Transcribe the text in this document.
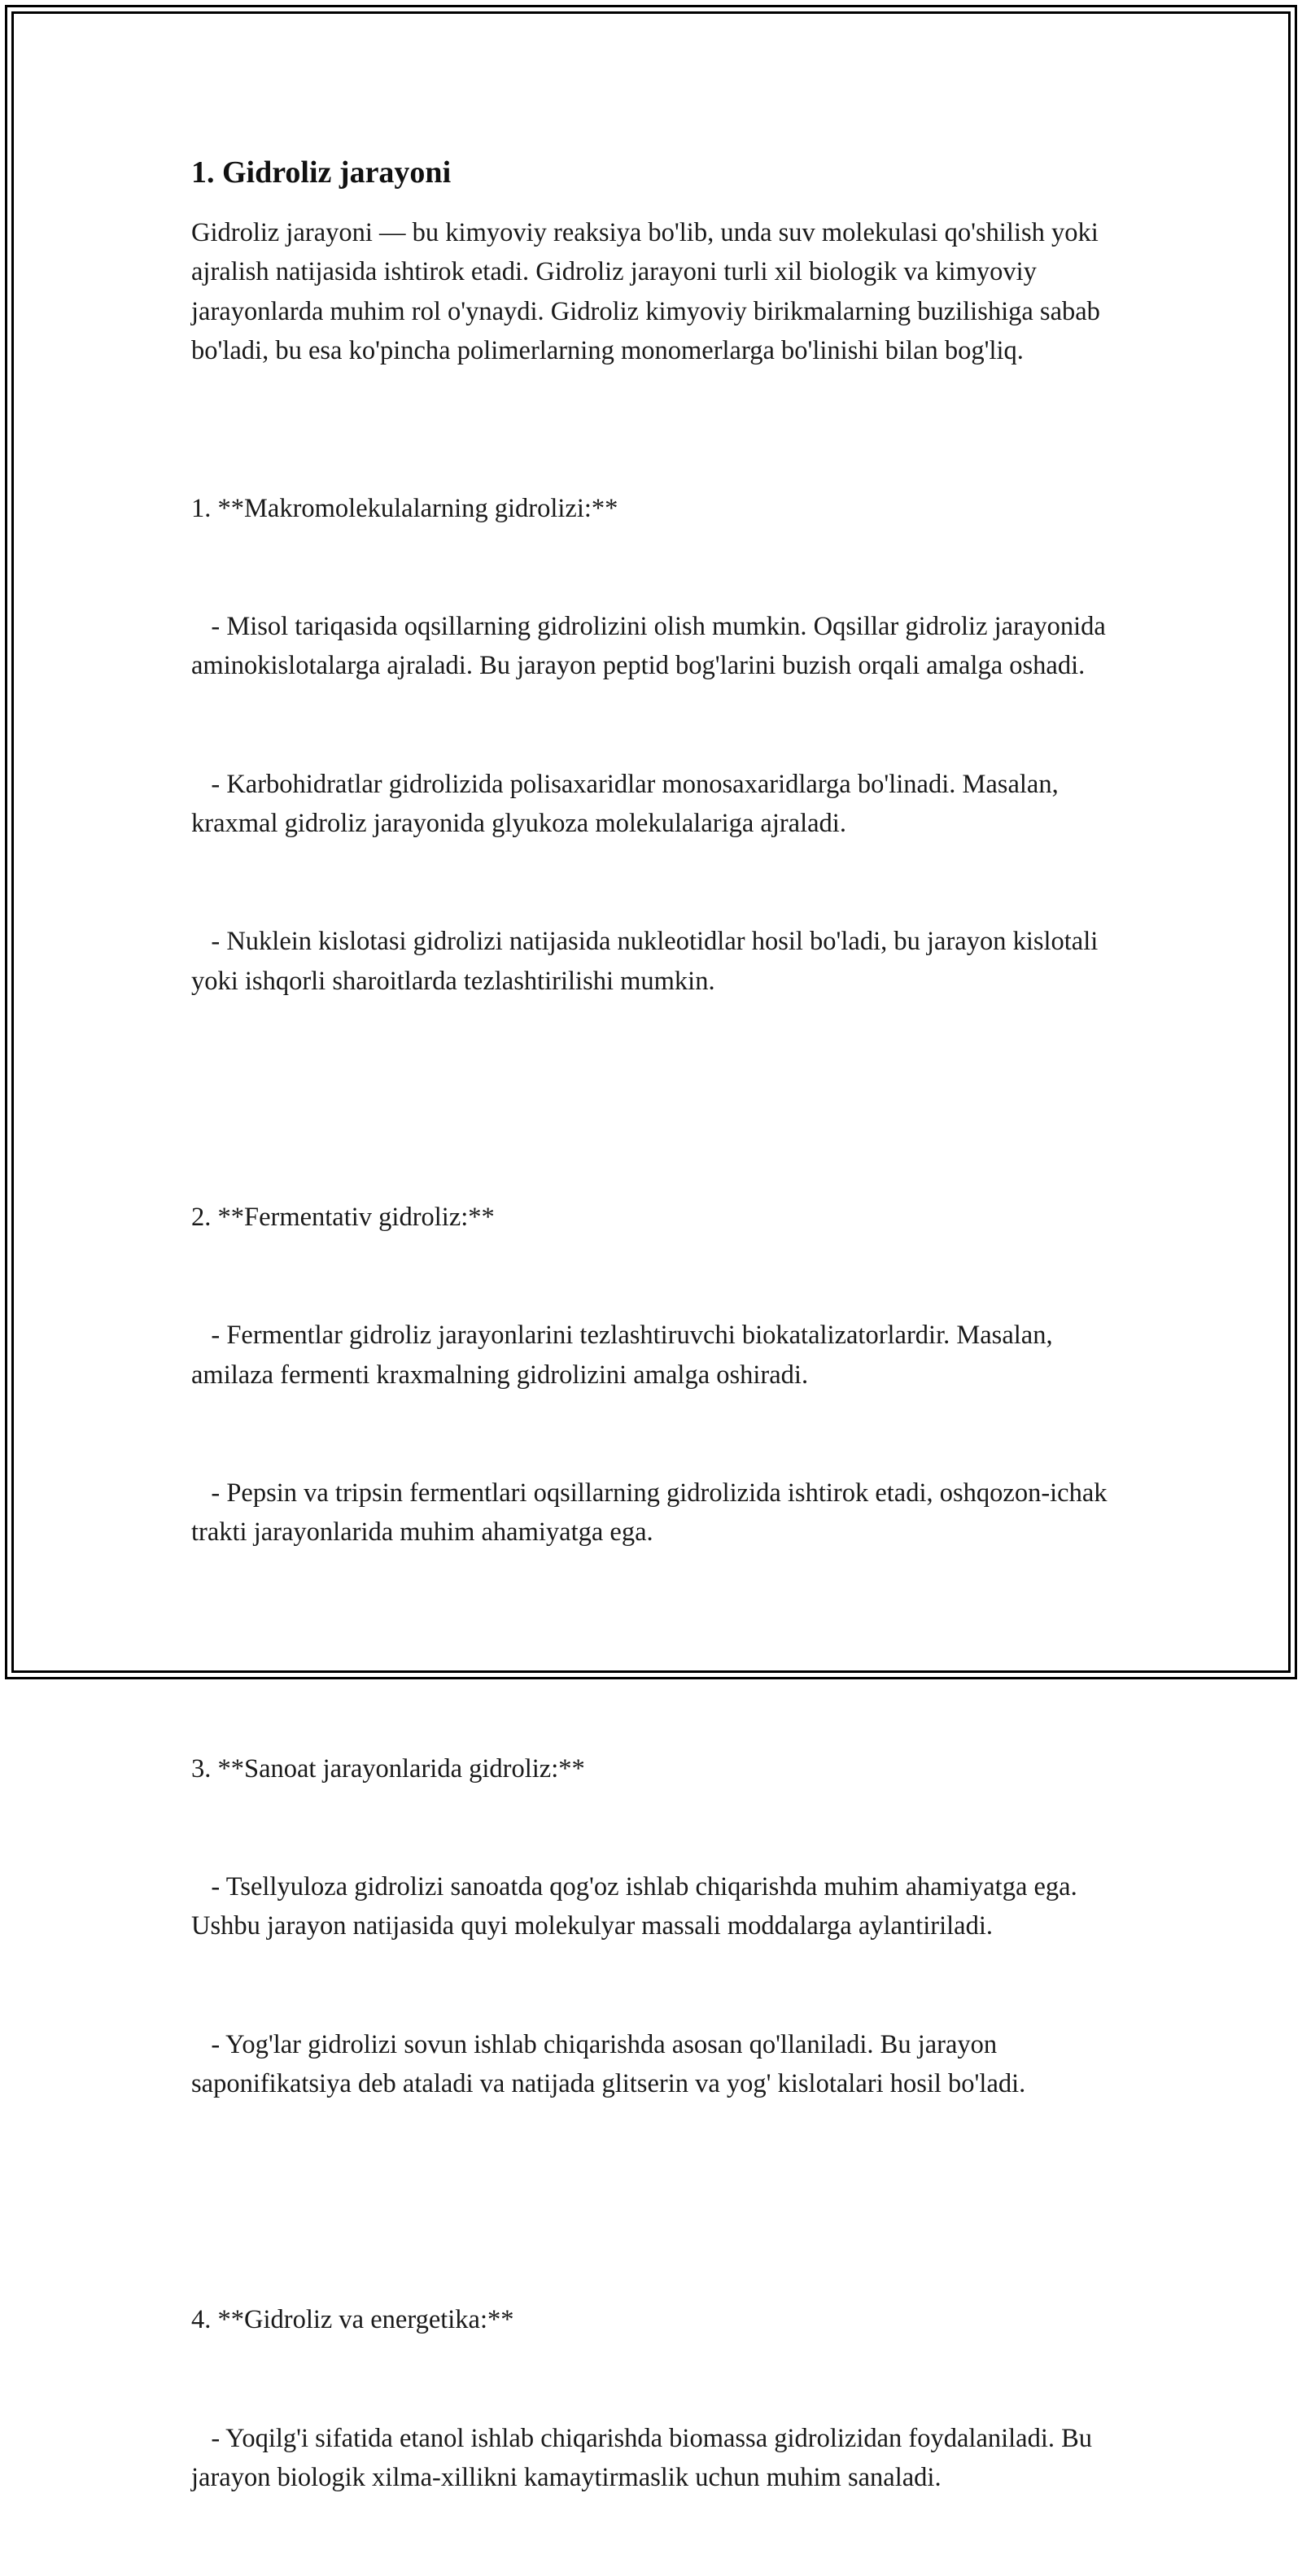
1. Gidroliz jarayoni

Gidroliz jarayoni — bu kimyoviy reaksiya bo'lib, unda suv molekulasi qo'shilish yoki ajralish natijasida ishtirok etadi. Gidroliz jarayoni turli xil biologik va kimyoviy jarayonlarda muhim rol o'ynaydi. Gidroliz kimyoviy birikmalarning buzilishiga sabab bo'ladi, bu esa ko'pincha polimerlarning monomerlarga bo'linishi bilan bog'liq.

1. **Makromolekulalarning gidrolizi:**

- Misol tariqasida oqsillarning gidrolizini olish mumkin. Oqsillar gidroliz jarayonida aminokislotalarga ajraladi. Bu jarayon peptid bog'larini buzish orqali amalga oshadi.

- Karbohidratlar gidrolizida polisaxaridlar monosaxaridlarga bo'linadi. Masalan, kraxmal gidroliz jarayonida glyukoza molekulalariga ajraladi.

- Nuklein kislotasi gidrolizi natijasida nukleotidlar hosil bo'ladi, bu jarayon kislotali yoki ishqorli sharoitlarda tezlashtirilishi mumkin.

2. **Fermentativ gidroliz:**

- Fermentlar gidroliz jarayonlarini tezlashtiruvchi biokatalizatorlardir. Masalan, amilaza fermenti kraxmalning gidrolizini amalga oshiradi.

- Pepsin va tripsin fermentlari oqsillarning gidrolizida ishtirok etadi, oshqozon-ichak trakti jarayonlarida muhim ahamiyatga ega.

3. **Sanoat jarayonlarida gidroliz:**

- Tsellyuloza gidrolizi sanoatda qog'oz ishlab chiqarishda muhim ahamiyatga ega. Ushbu jarayon natijasida quyi molekulyar massali moddalarga aylantiriladi.

- Yog'lar gidrolizi sovun ishlab chiqarishda asosan qo'llaniladi. Bu jarayon saponifikatsiya deb ataladi va natijada glitserin va yog' kislotalari hosil bo'ladi.

4. **Gidroliz va energetika:**

- Yoqilg'i sifatida etanol ishlab chiqarishda biomassa gidrolizidan foydalaniladi. Bu jarayon biologik xilma-xillikni kamaytirmaslik uchun muhim sanaladi.
